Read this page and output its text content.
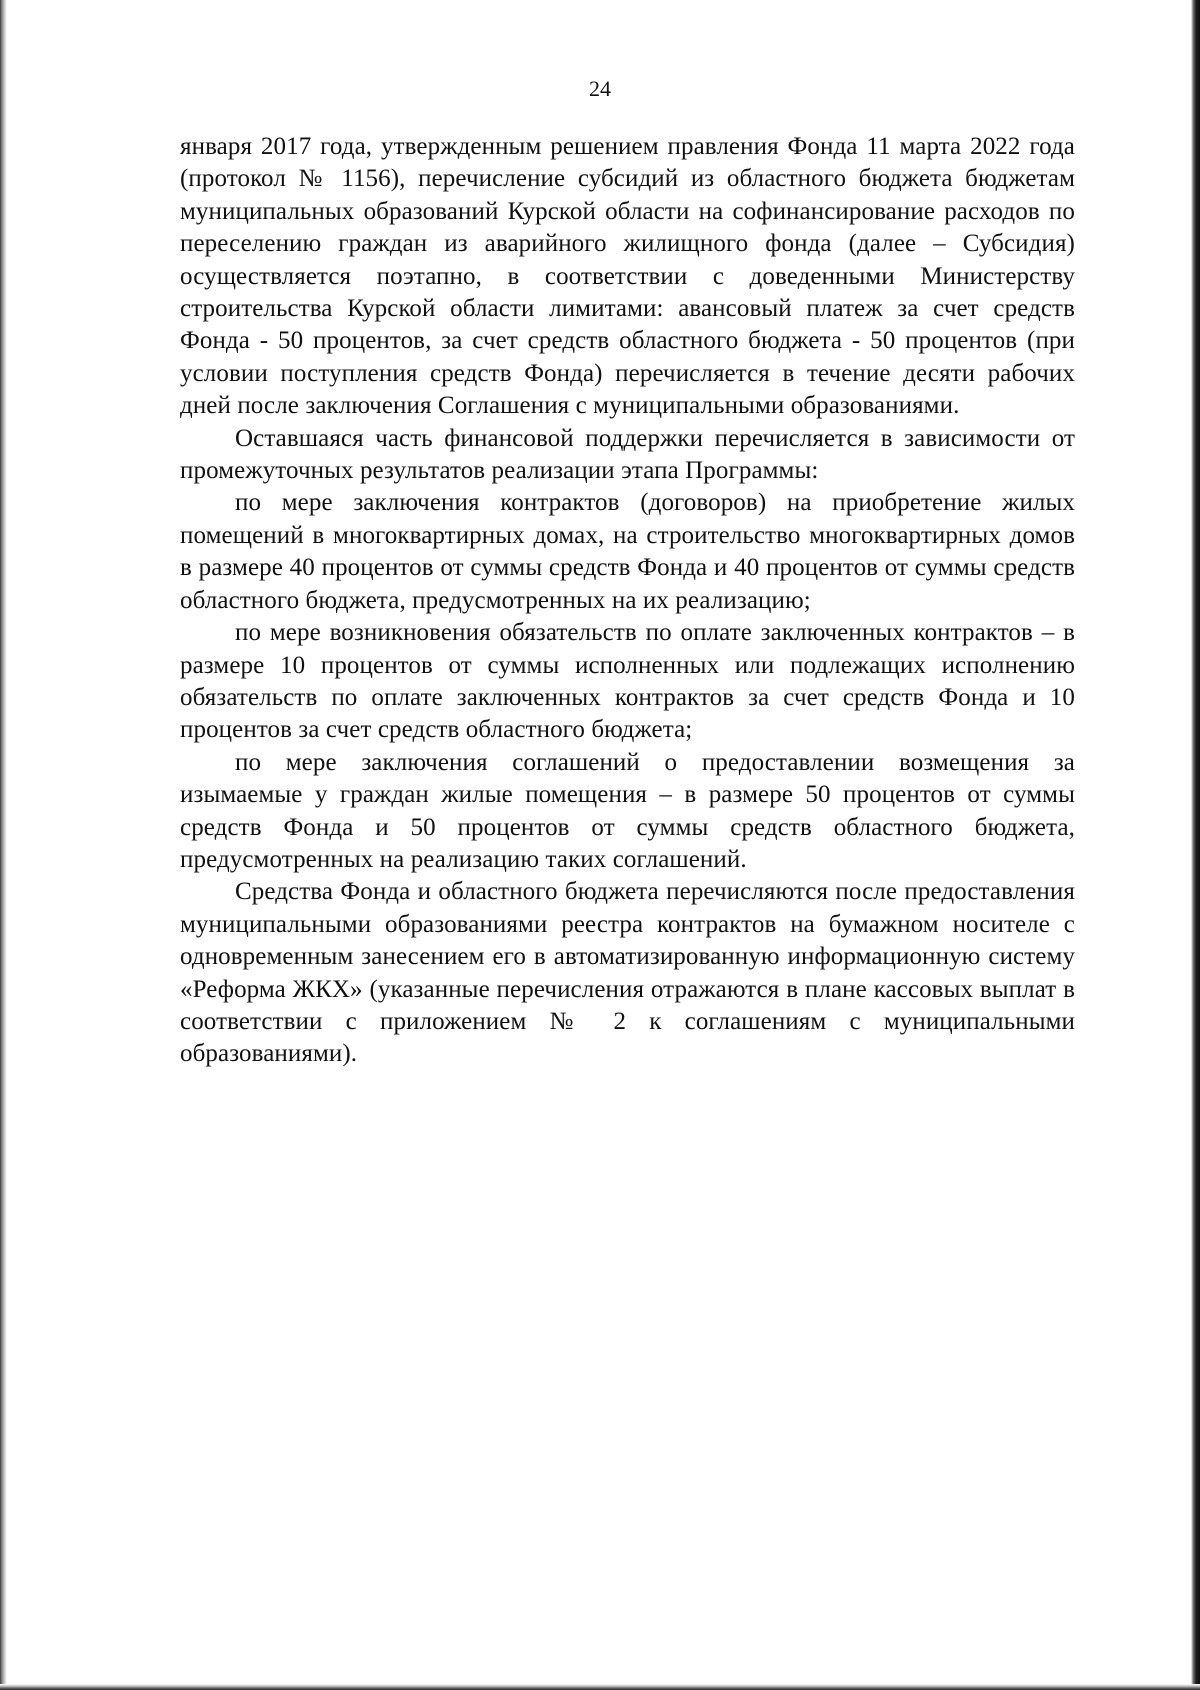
24

января 2017 года, утвержденным решением правления Фонда 11 марта 2022 года (протокол № 1156), перечисление субсидий из областного бюджета бюджетам муниципальных образований Курской области на софинансирование расходов по переселению граждан из аварийного жилищного фонда (далее – Субсидия) осуществляется поэтапно, в соответствии с доведенными Министерству строительства Курской области лимитами: авансовый платеж за счет средств Фонда - 50 процентов, за счет средств областного бюджета - 50 процентов (при условии поступления средств Фонда) перечисляется в течение десяти рабочих дней после заключения Соглашения с муниципальными образованиями.

Оставшаяся часть финансовой поддержки перечисляется в зависимости от промежуточных результатов реализации этапа Программы:

по мере заключения контрактов (договоров) на приобретение жилых помещений в многоквартирных домах, на строительство многоквартирных домов в размере 40 процентов от суммы средств Фонда и 40 процентов от суммы средств областного бюджета, предусмотренных на их реализацию;

по мере возникновения обязательств по оплате заключенных контрактов – в размере 10 процентов от суммы исполненных или подлежащих исполнению обязательств по оплате заключенных контрактов за счет средств Фонда и 10 процентов за счет средств областного бюджета;

по мере заключения соглашений о предоставлении возмещения за изымаемые у граждан жилые помещения – в размере 50 процентов от суммы средств Фонда и 50 процентов от суммы средств областного бюджета, предусмотренных на реализацию таких соглашений.

Средства Фонда и областного бюджета перечисляются после предоставления муниципальными образованиями реестра контрактов на бумажном носителе с одновременным занесением его в автоматизированную информационную систему «Реформа ЖКХ» (указанные перечисления отражаются в плане кассовых выплат в соответствии с приложением № 2 к соглашениям с муниципальными образованиями).
